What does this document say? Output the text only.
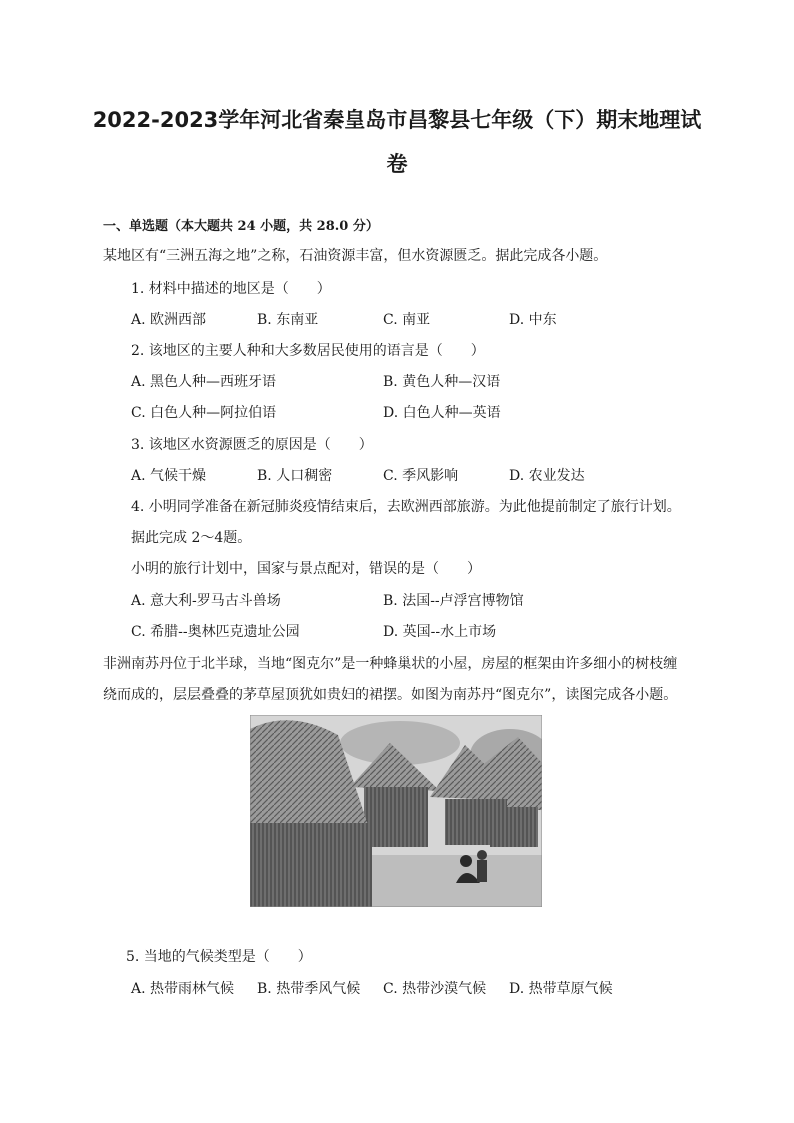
2022-2023学年河北省秦皇岛市昌黎县七年级（下）期末地理试
卷
一、单选题（本大题共 24 小题，共 28.0 分）
某地区有“三洲五海之地”之称，石油资源丰富，但水资源匮乏。据此完成各小题。
1. 材料中描述的地区是（　　）
A. 欧洲西部	B. 东南亚	C. 南亚	D. 中东
2. 该地区的主要人种和大多数居民使用的语言是（　　）
A. 黑色人种—西班牙语	B. 黄色人种—汉语
C. 白色人种—阿拉伯语	D. 白色人种—英语
3. 该地区水资源匮乏的原因是（　　）
A. 气候干燥	B. 人口稠密	C. 季风影响	D. 农业发达
4. 小明同学准备在新冠肺炎疫情结束后，去欧洲西部旅游。为此他提前制定了旅行计划。
据此完成 2～4题。
小明的旅行计划中，国家与景点配对，错误的是（　　）
A. 意大利-罗马古斗兽场	B. 法国--卢浮宫博物馆
C. 希腊--奥林匹克遗址公园	D. 英国--水上市场
非洲南苏丹位于北半球，当地“图克尔”是一种蜂巢状的小屋，房屋的框架由许多细小的树枝缠
绕而成的，层层叠叠的茅草屋顶犹如贵妇的裙摆。如图为南苏丹“图克尔”，读图完成各小题。
5. 当地的气候类型是（　　）
A. 热带雨林气候 B. 热带季风气候 C. 热带沙漠气候 D. 热带草原气候
